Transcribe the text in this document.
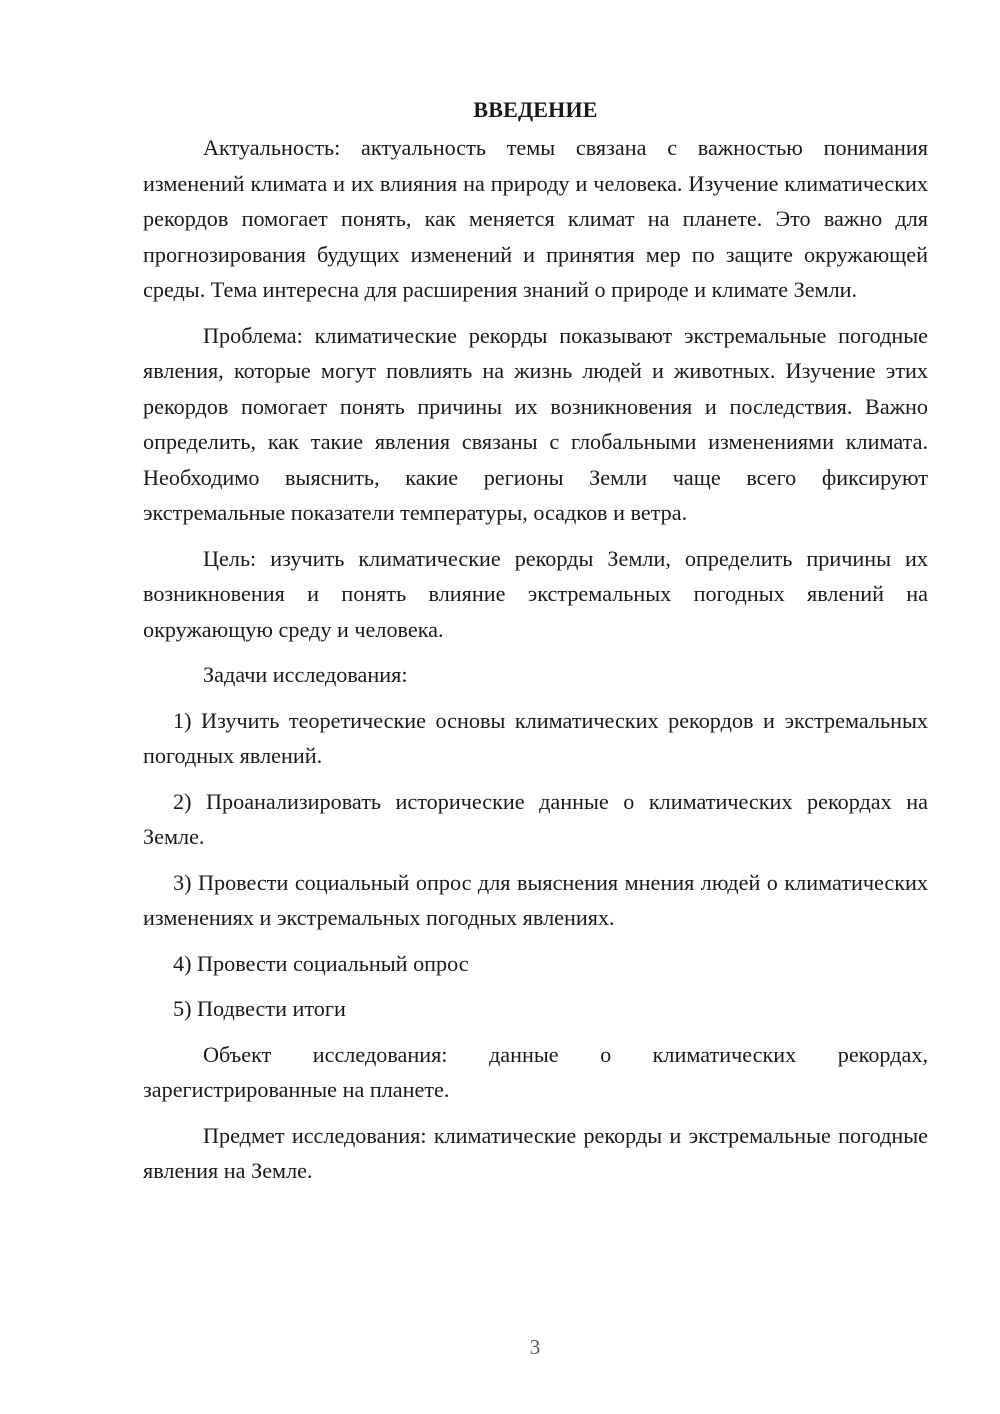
ВВЕДЕНИЕ

Актуальность: актуальность темы связана с важностью понимания изменений климата и их влияния на природу и человека. Изучение климатических рекордов помогает понять, как меняется климат на планете. Это важно для прогнозирования будущих изменений и принятия мер по защите окружающей среды. Тема интересна для расширения знаний о природе и климате Земли.

Проблема: климатические рекорды показывают экстремальные погодные явления, которые могут повлиять на жизнь людей и животных. Изучение этих рекордов помогает понять причины их возникновения и последствия. Важно определить, как такие явления связаны с глобальными изменениями климата. Необходимо выяснить, какие регионы Земли чаще всего фиксируют экстремальные показатели температуры, осадков и ветра.

Цель: изучить климатические рекорды Земли, определить причины их возникновения и понять влияние экстремальных погодных явлений на окружающую среду и человека.

Задачи исследования:

1) Изучить теоретические основы климатических рекордов и экстремальных погодных явлений.

2) Проанализировать исторические данные о климатических рекордах на Земле.

3) Провести социальный опрос для выяснения мнения людей о климатических изменениях и экстремальных погодных явлениях.

4) Провести социальный опрос

5) Подвести итоги

Объект исследования: данные о климатических рекордах, зарегистрированные на планете.

Предмет исследования: климатические рекорды и экстремальные погодные явления на Земле.

3
